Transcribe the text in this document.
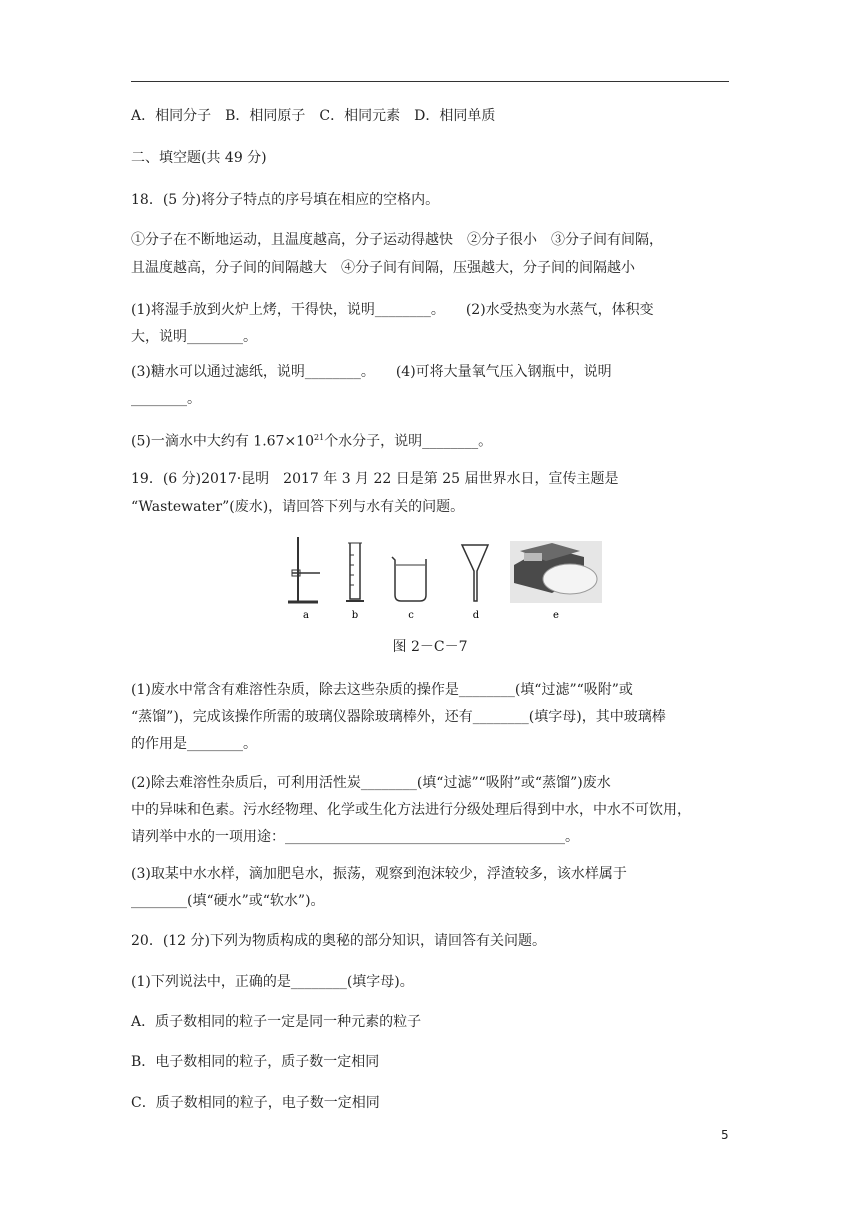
A．相同分子　B．相同原子　C．相同元素　D．相同单质

二、填空题(共 49 分)

18．(5 分)将分子特点的序号填在相应的空格内。

①分子在不断地运动，且温度越高，分子运动得越快　②分子很小　③分子间有间隔，

且温度越高，分子间的间隔越大　④分子间有间隔，压强越大，分子间的间隔越小

(1)将湿手放到火炉上烤，干得快，说明________。　　(2)水受热变为水蒸气，体积变

大，说明________。

(3)糖水可以通过滤纸，说明________。　　(4)可将大量氧气压入钢瓶中，说明

________。

(5)一滴水中大约有 $1.67\times 10^{21}$个水分子，说明________。

19．(6 分)2017·昆明　2017 年 3 月 22 日是第 25 届世界水日，宣传主题是

“Wastewater”(废水)，请回答下列与水有关的问题。

a	b	c	d	e
图 2－C－7

(1)废水中常含有难溶性杂质，除去这些杂质的操作是________(填“过滤”“吸附”或

“蒸馏”)，完成该操作所需的玻璃仪器除玻璃棒外，还有________(填字母)，其中玻璃棒

的作用是________。

(2)除去难溶性杂质后，可利用活性炭________(填“过滤”“吸附”或“蒸馏”)废水

中的异味和色素。污水经物理、化学或生化方法进行分级处理后得到中水，中水不可饮用，

请列举中水的一项用途：________________________________________。

(3)取某中水水样，滴加肥皂水，振荡，观察到泡沫较少，浮渣较多，该水样属于

________(填“硬水”或“软水”)。

20．(12 分)下列为物质构成的奥秘的部分知识，请回答有关问题。

(1)下列说法中，正确的是________(填字母)。

A．质子数相同的粒子一定是同一种元素的粒子

B．电子数相同的粒子，质子数一定相同

C．质子数相同的粒子，电子数一定相同

5
